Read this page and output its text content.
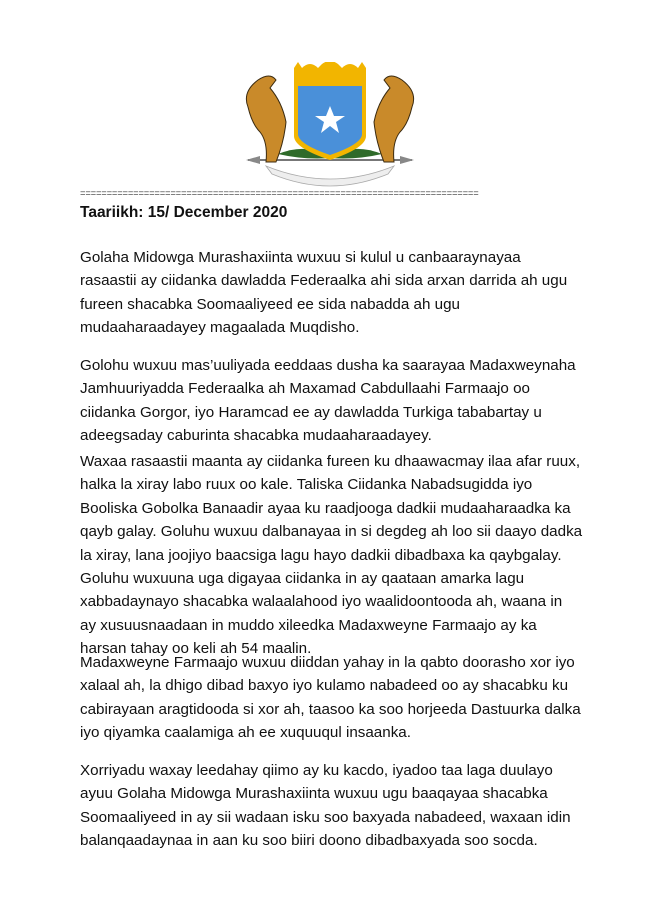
===========================================================================
Taariikh: 15/ December 2020
Golaha Midowga Murashaxiinta wuxuu si kulul u canbaaraynayaa
rasaastii ay ciidanka dawladda Federaalka ahi sida arxan darrida ah ugu
fureen shacabka Soomaaliyeed ee sida nabadda ah ugu
mudaaharaadayey magaalada Muqdisho.
Golohu wuxuu mas’uuliyada eeddaas dusha ka saarayaa Madaxweynaha
Jamhuuriyadda Federaalka ah Maxamad Cabdullaahi Farmaajo oo
ciidanka Gorgor, iyo Haramcad ee ay dawladda Turkiga tababartay u
adeegsaday caburinta shacabka mudaaharaadayey.
Waxaa rasaastii maanta ay ciidanka fureen ku dhaawacmay ilaa afar ruux,
halka la xiray labo ruux oo kale. Taliska Ciidanka Nabadsugidda iyo
Booliska Gobolka Banaadir ayaa ku raadjooga dadkii mudaaharaadka ka
qayb galay. Goluhu wuxuu dalbanayaa in si degdeg ah loo sii daayo dadka
la xiray, lana joojiyo baacsiga lagu hayo dadkii dibadbaxa ka qaybgalay.
Goluhu wuxuuna uga digayaa ciidanka in ay qaataan amarka lagu
xabbadaynayo shacabka walaalahood iyo waalidoontooda ah, waana in
ay xusuusnaadaan in muddo xileedka Madaxweyne Farmaajo ay ka
harsan tahay oo keli ah 54 maalin.
Madaxweyne Farmaajo wuxuu diiddan yahay in la qabto doorasho xor iyo
xalaal ah, la dhigo dibad baxyo iyo kulamo nabadeed oo ay shacabku ku
cabirayaan aragtidooda si xor ah, taasoo ka soo horjeeda Dastuurka dalka
iyo qiyamka caalamiga ah ee xuquuqul insaanka.
Xorriyadu waxay leedahay qiimo ay ku kacdo, iyadoo taa laga duulayo
ayuu Golaha Midowga Murashaxiinta wuxuu ugu baaqayaa shacabka
Soomaaliyeed in ay sii wadaan isku soo baxyada nabadeed, waxaan idin
balanqaadaynaa in aan ku soo biiri doono dibadbaxyada soo socda.
